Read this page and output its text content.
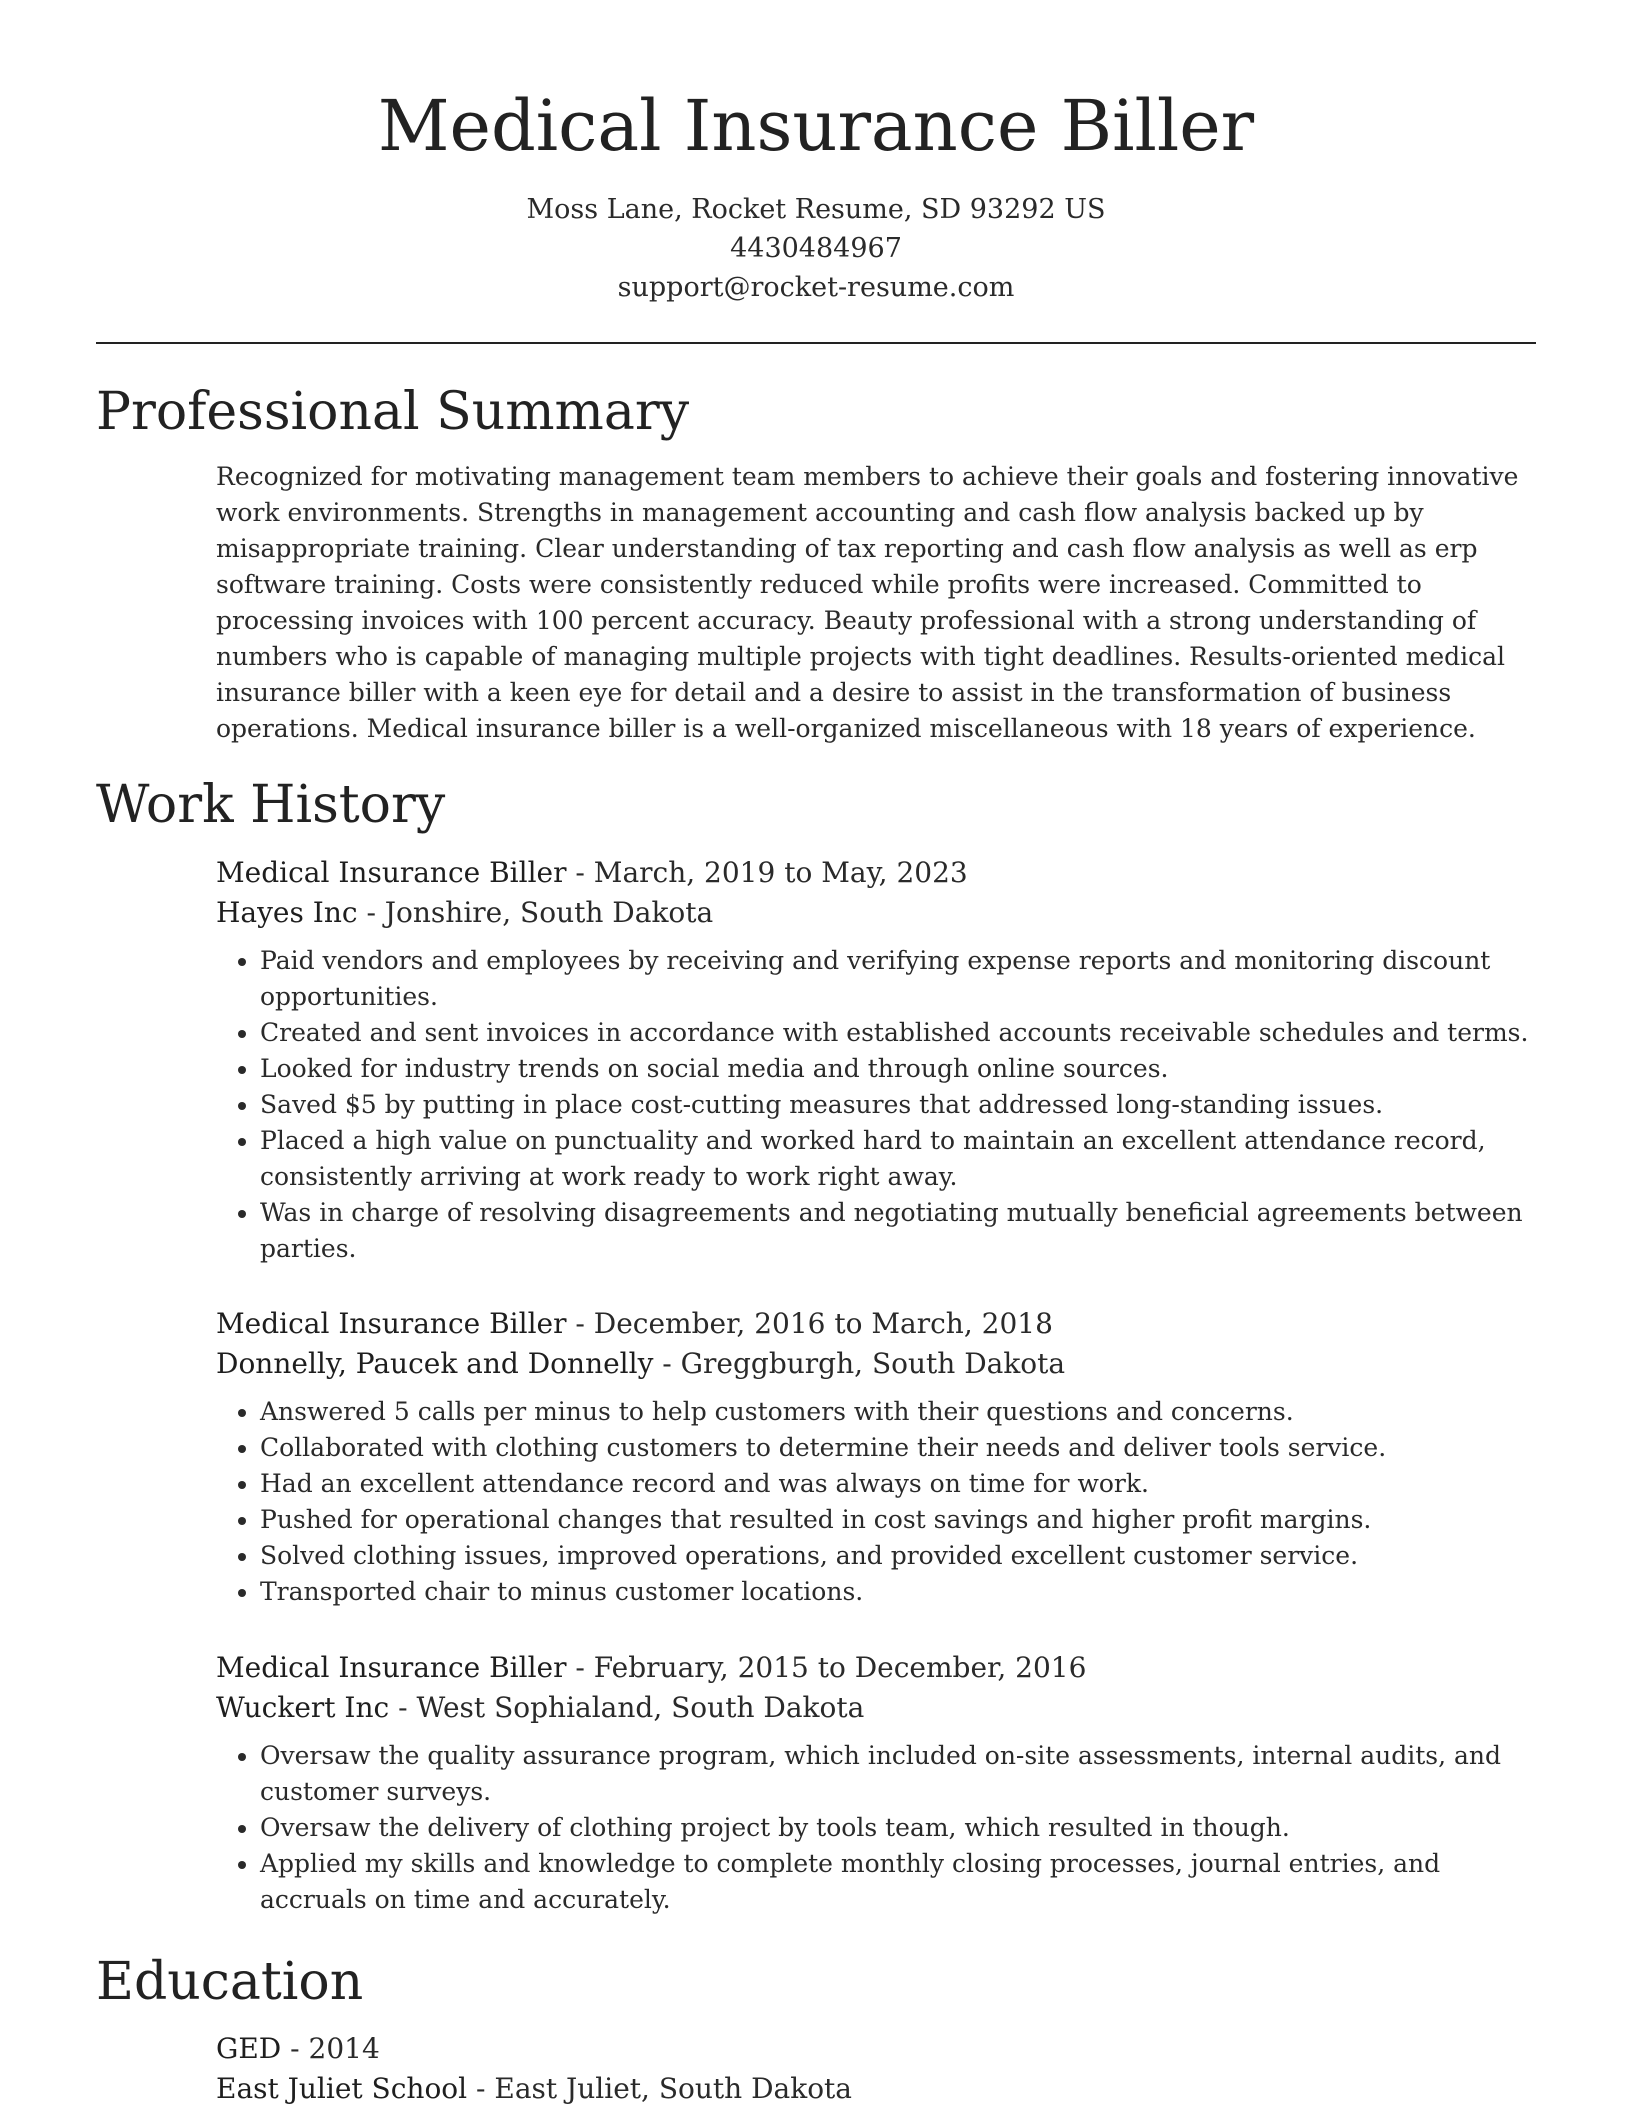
Medical Insurance Biller
Moss Lane, Rocket Resume, SD 93292 US
4430484967
support@rocket-resume.com
Professional Summary

Recognized for motivating management team members to achieve their goals and fostering innovative work environments. Strengths in management accounting and cash flow analysis backed up by misappropriate training. Clear understanding of tax reporting and cash flow analysis as well as erp software training. Costs were consistently reduced while profits were increased. Committed to processing invoices with 100 percent accuracy. Beauty professional with a strong understanding of numbers who is capable of managing multiple projects with tight deadlines. Results-oriented medical insurance biller with a keen eye for detail and a desire to assist in the transformation of business operations. Medical insurance biller is a well-organized miscellaneous with 18 years of experience.

Work History

Medical Insurance Biller - March, 2019 to May, 2023

Hayes Inc - Jonshire, South Dakota

• Paid vendors and employees by receiving and verifying expense reports and monitoring discount opportunities.
• Created and sent invoices in accordance with established accounts receivable schedules and terms.
• Looked for industry trends on social media and through online sources.
• Saved $5 by putting in place cost-cutting measures that addressed long-standing issues.
• Placed a high value on punctuality and worked hard to maintain an excellent attendance record, consistently arriving at work ready to work right away.
• Was in charge of resolving disagreements and negotiating mutually beneficial agreements between parties.

Medical Insurance Biller - December, 2016 to March, 2018

Donnelly, Paucek and Donnelly - Greggburgh, South Dakota

• Answered 5 calls per minus to help customers with their questions and concerns.
• Collaborated with clothing customers to determine their needs and deliver tools service.
• Had an excellent attendance record and was always on time for work.
• Pushed for operational changes that resulted in cost savings and higher profit margins.
• Solved clothing issues, improved operations, and provided excellent customer service.
• Transported chair to minus customer locations.

Medical Insurance Biller - February, 2015 to December, 2016

Wuckert Inc - West Sophialand, South Dakota

• Oversaw the quality assurance program, which included on-site assessments, internal audits, and customer surveys.
• Oversaw the delivery of clothing project by tools team, which resulted in though.
• Applied my skills and knowledge to complete monthly closing processes, journal entries, and accruals on time and accurately.
Education

GED - 2014

East Juliet School - East Juliet, South Dakota
